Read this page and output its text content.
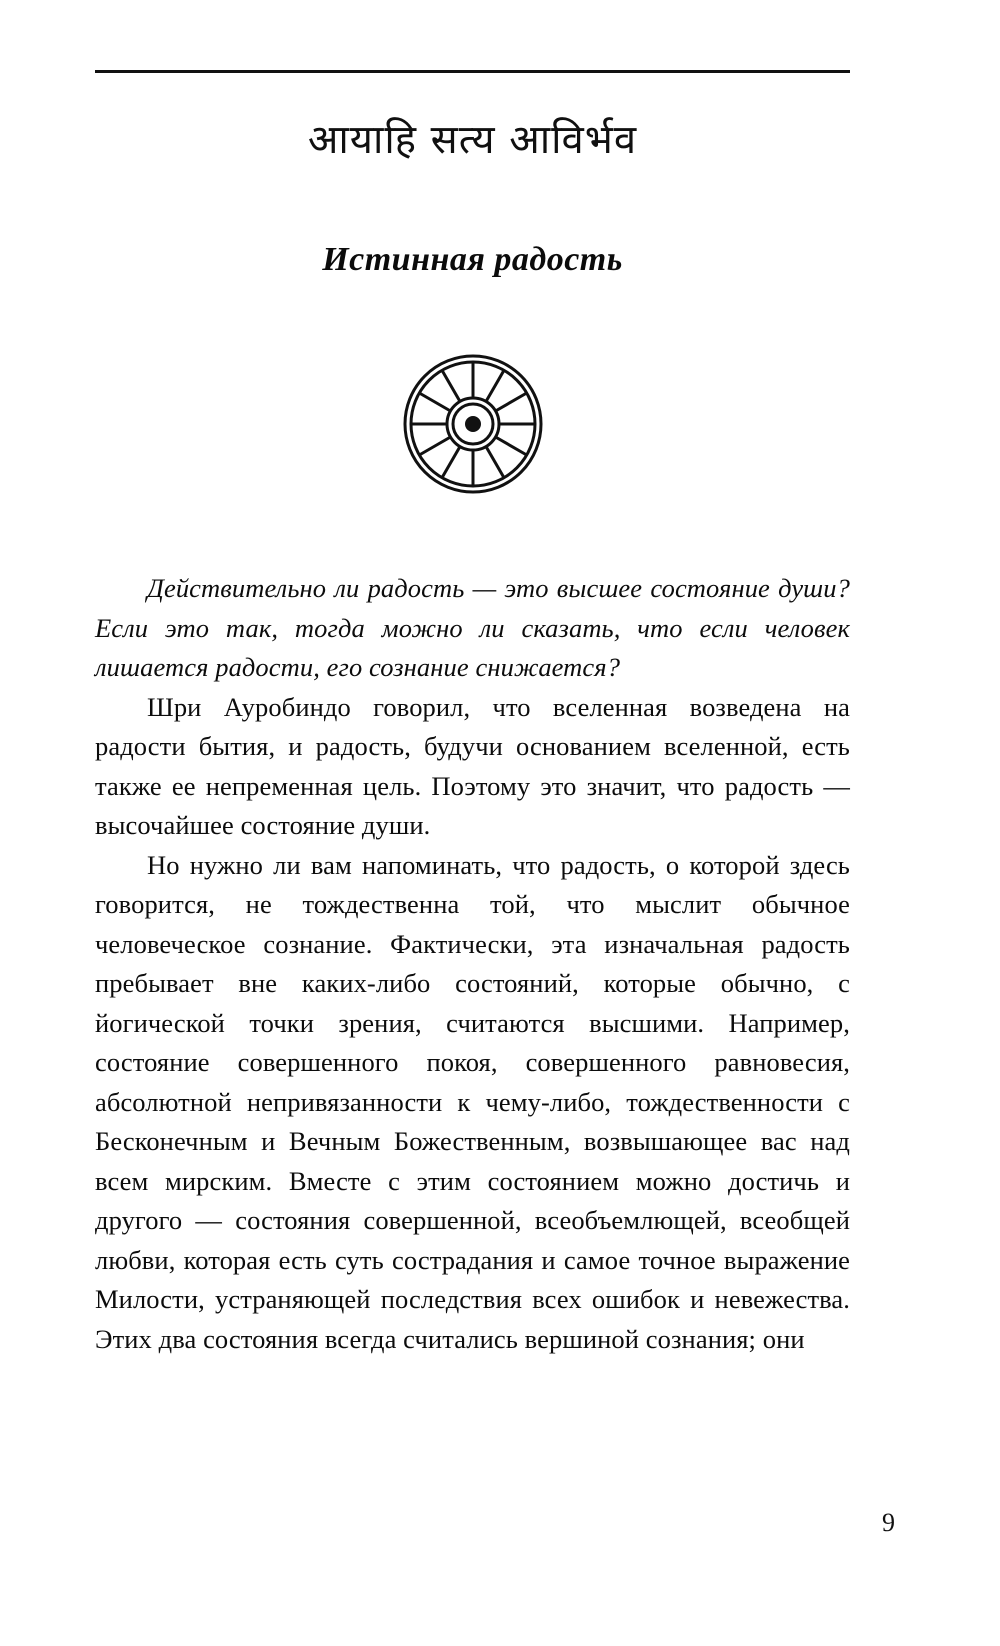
आयाहि सत्य आविर्भव
Истинная радость

Действительно ли радость — это высшее состояние души? Если это так, тогда можно ли сказать, что если человек лишается радости, его сознание снижается?

Шри Ауробиндо говорил, что вселенная возведена на радости бытия, и радость, будучи основанием вселенной, есть также ее непременная цель. Поэтому это значит, что радость — высочайшее состояние души.

Но нужно ли вам напоминать, что радость, о которой здесь говорится, не тождественна той, что мыслит обычное человеческое сознание. Фактически, эта изначальная радость пребывает вне каких-либо состояний, которые обычно, с йогической точки зрения, считаются высшими. Например, состояние совершенного покоя, совершенного равновесия, абсолютной непривязанности к чему-либо, тождественности с Бесконечным и Вечным Божественным, возвышающее вас над всем мирским. Вместе с этим состоянием можно достичь и другого — состояния совершенной, всеобъемлющей, всеобщей любви, которая есть суть сострадания и самое точное выражение Милости, устраняющей последствия всех ошибок и невежества. Этих два состояния всегда считались вершиной сознания; они

9
